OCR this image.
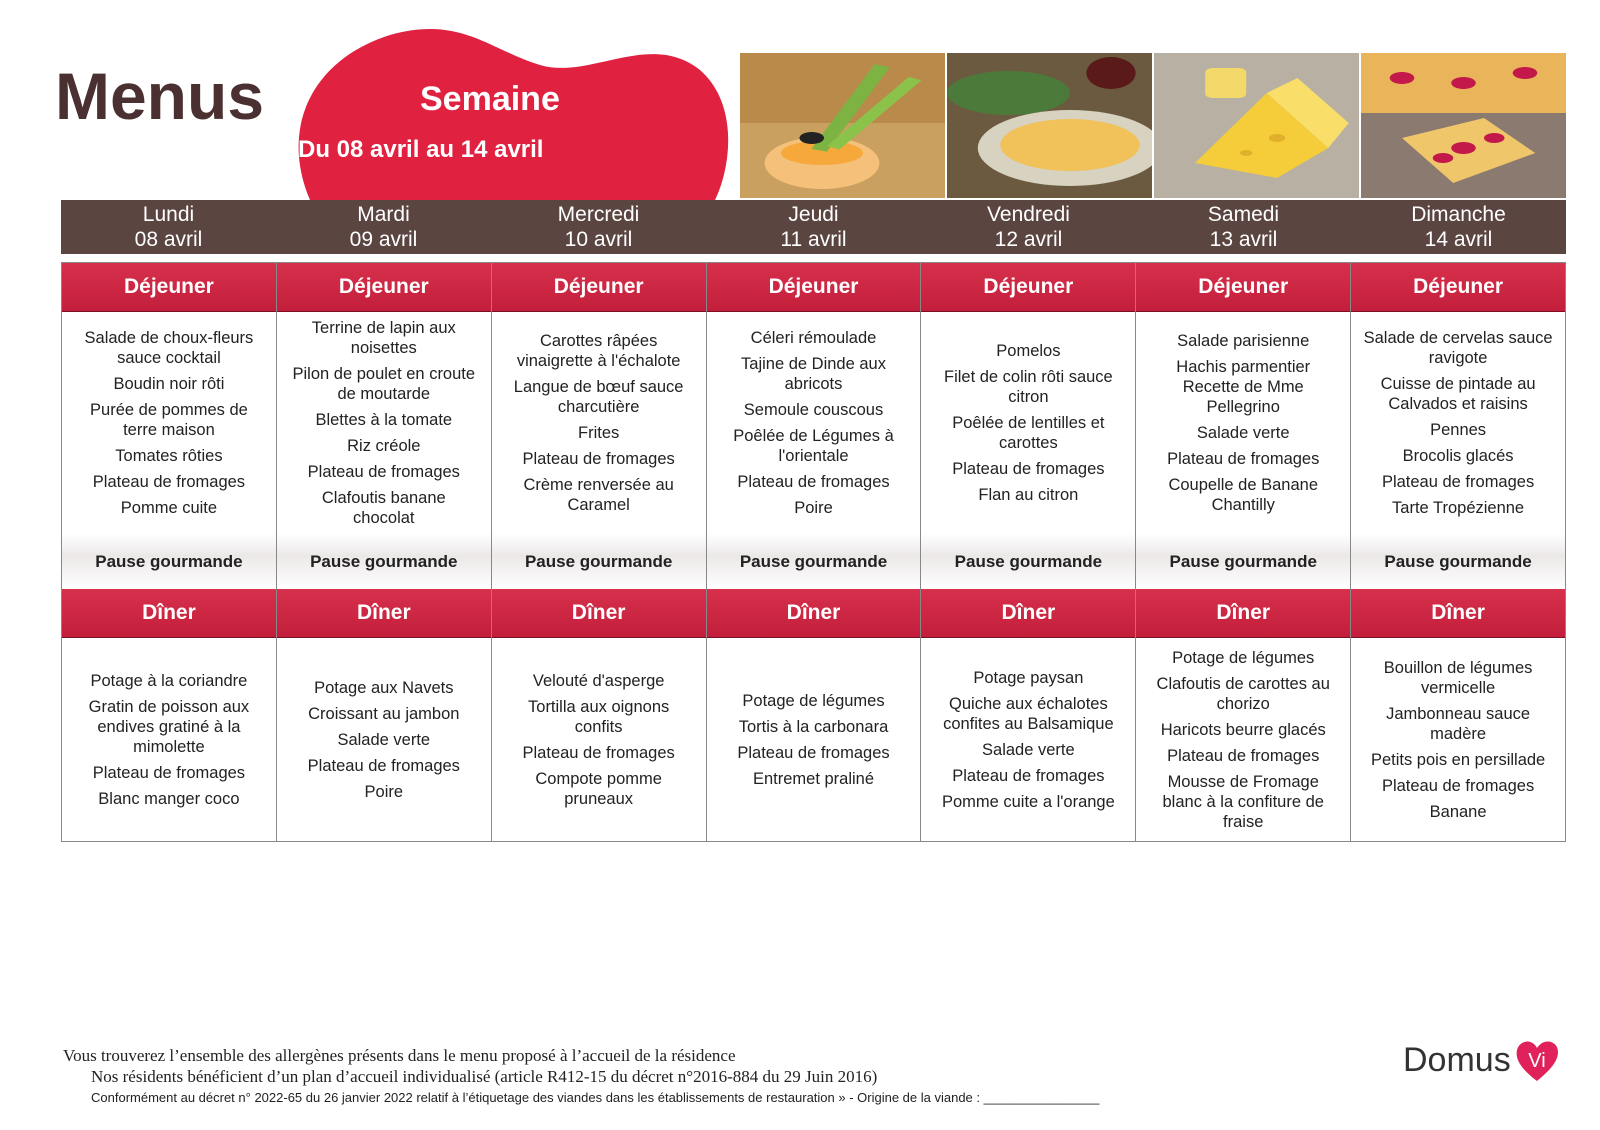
Menus	Semaine
Du 08 avril au 14 avril
Lundi
08 avril
Mardi
09 avril
Mercredi
10 avril
Jeudi
11 avril
Vendredi
12 avril
Samedi
13 avril
Dimanche
14 avril
Déjeuner
Salade de choux-fleurs sauce cocktail
Boudin noir rôti
Purée de pommes de terre maison
Tomates rôties
Plateau de fromages
Pomme cuite
Pause gourmande
Dîner
Potage à la coriandre
Gratin de poisson aux endives gratiné à la mimolette
Plateau de fromages
Blanc manger coco
Déjeuner
Terrine de lapin aux noisettes
Pilon de poulet en croute de moutarde
Blettes à la tomate
Riz créole
Plateau de fromages
Clafoutis banane chocolat
Pause gourmande
Dîner
Potage aux Navets
Croissant au jambon
Salade verte
Plateau de fromages
Poire
Déjeuner
Carottes râpées vinaigrette à l'échalote
Langue de bœuf sauce charcutière
Frites
Plateau de fromages
Crème renversée au Caramel
Pause gourmande
Dîner
Velouté d'asperge
Tortilla aux oignons confits
Plateau de fromages
Compote pomme pruneaux
Déjeuner
Céleri rémoulade
Tajine de Dinde aux abricots
Semoule couscous
Poêlée de Légumes à l'orientale
Plateau de fromages
Poire
Pause gourmande
Dîner
Potage de légumes
Tortis à la carbonara
Plateau de fromages
Entremet praliné
Déjeuner
Pomelos
Filet de colin rôti sauce citron
Poêlée de lentilles et carottes
Plateau de fromages
Flan au citron
Pause gourmande
Dîner
Potage paysan
Quiche aux échalotes confites au Balsamique
Salade verte
Plateau de fromages
Pomme cuite a l'orange
Déjeuner
Salade parisienne
Hachis parmentier Recette de Mme Pellegrino
Salade verte
Plateau de fromages
Coupelle de Banane Chantilly
Pause gourmande
Dîner
Potage de légumes
Clafoutis de carottes au chorizo
Haricots beurre glacés
Plateau de fromages
Mousse de Fromage blanc à la confiture de fraise
Déjeuner
Salade de cervelas sauce ravigote
Cuisse de pintade au Calvados et raisins
Pennes
Brocolis glacés
Plateau de fromages
Tarte Tropézienne
Pause gourmande
Dîner
Bouillon de légumes vermicelle
Jambonneau sauce madère
Petits pois en persillade
Plateau de fromages
Banane
Vous trouverez l’ensemble des allergènes présents dans le menu proposé à l’accueil de la résidence
Nos résidents bénéficient d’un plan d’accueil individualisé (article R412-15 du décret n°2016-884 du 29 Juin 2016)
Conformément au décret n° 2022-65 du 26 janvier 2022 relatif à l’étiquetage des viandes dans les établissements de restauration » - Origine de la viande : ________________
Domus Vi
